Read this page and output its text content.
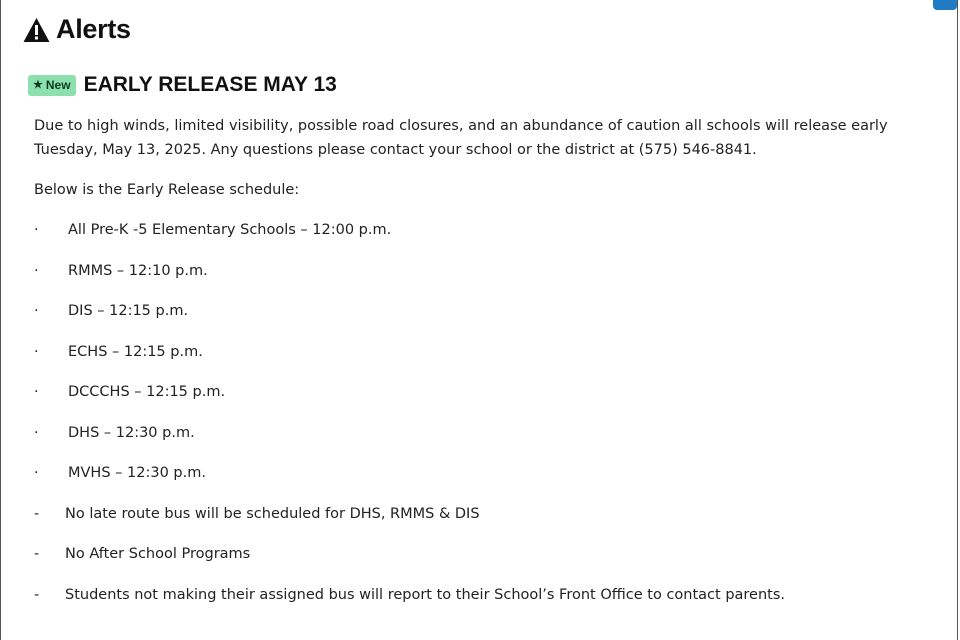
Alerts
★ New EARLY RELEASE MAY 13
Due to high winds, limited visibility, possible road closures, and an abundance of caution all schools will release early
Tuesday, May 13, 2025. Any questions please contact your school or the district at (575) 546-8841.
Below is the Early Release schedule:
·	All Pre-K -5 Elementary Schools – 12:00 p.m.
·	RMMS – 12:10 p.m.
·	DIS – 12:15 p.m.
·	ECHS – 12:15 p.m.
·	DCCCHS – 12:15 p.m.
·	DHS – 12:30 p.m.
·	MVHS – 12:30 p.m.
-	No late route bus will be scheduled for DHS, RMMS & DIS
-	No After School Programs
-	Students not making their assigned bus will report to their School’s Front Office to contact parents.
